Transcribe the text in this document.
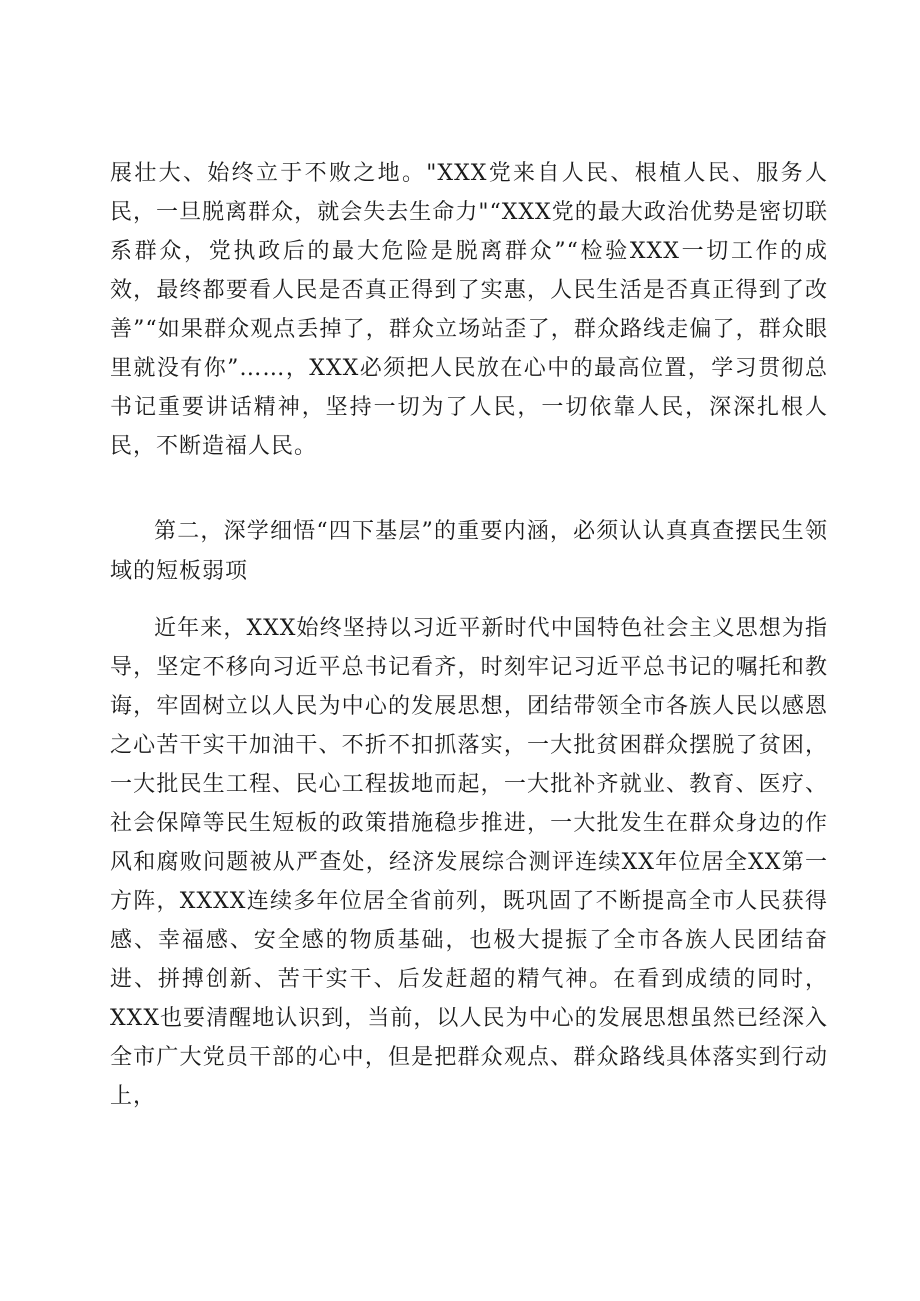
展壮大、始终立于不败之地。"XXX党来自人民、根植人民、服务人民，一旦脱离群众，就会失去生命力"“XXX党的最大政治优势是密切联系群众，党执政后的最大危险是脱离群众”“检验XXX一切工作的成效，最终都要看人民是否真正得到了实惠，人民生活是否真正得到了改善”“如果群众观点丢掉了，群众立场站歪了，群众路线走偏了，群众眼里就没有你”……，XXX必须把人民放在心中的最高位置，学习贯彻总书记重要讲话精神，坚持一切为了人民，一切依靠人民，深深扎根人民，不断造福人民。

第二，深学细悟“四下基层”的重要内涵，必须认认真真查摆民生领域的短板弱项

近年来，XXX始终坚持以习近平新时代中国特色社会主义思想为指导，坚定不移向习近平总书记看齐，时刻牢记习近平总书记的嘱托和教诲，牢固树立以人民为中心的发展思想，团结带领全市各族人民以感恩之心苦干实干加油干、不折不扣抓落实，一大批贫困群众摆脱了贫困，一大批民生工程、民心工程拔地而起，一大批补齐就业、教育、医疗、社会保障等民生短板的政策措施稳步推进，一大批发生在群众身边的作风和腐败问题被从严查处，经济发展综合测评连续XX年位居全XX第一方阵，XXXX连续多年位居全省前列，既巩固了不断提高全市人民获得感、幸福感、安全感的物质基础，也极大提振了全市各族人民团结奋进、拼搏创新、苦干实干、后发赶超的精气神。在看到成绩的同时，XXX也要清醒地认识到，当前，以人民为中心的发展思想虽然已经深入全市广大党员干部的心中，但是把群众观点、群众路线具体落实到行动上，
